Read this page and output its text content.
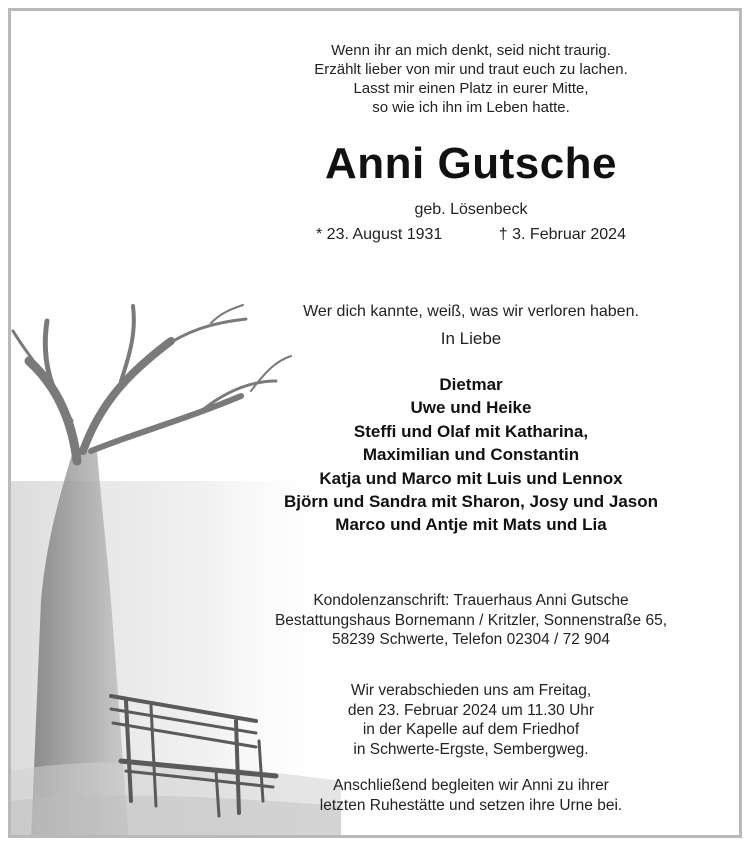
Wenn ihr an mich denkt, seid nicht traurig.
Erzählt lieber von mir und traut euch zu lachen.
Lasst mir einen Platz in eurer Mitte,
so wie ich ihn im Leben hatte.
Anni Gutsche
geb. Lösenbeck
* 23. August 1931	† 3. Februar 2024
Wer dich kannte, weiß, was wir verloren haben.
In Liebe
Dietmar
Uwe und Heike
Steffi und Olaf mit Katharina,
Maximilian und Constantin
Katja und Marco mit Luis und Lennox
Björn und Sandra mit Sharon, Josy und Jason
Marco und Antje mit Mats und Lia
Kondolenzanschrift: Trauerhaus Anni Gutsche
Bestattungshaus Bornemann / Kritzler, Sonnenstraße 65,
58239 Schwerte, Telefon 02304 / 72 904
Wir verabschieden uns am Freitag,
den 23. Februar 2024 um 11.30 Uhr
in der Kapelle auf dem Friedhof
in Schwerte-Ergste, Sembergweg.
Anschließend begleiten wir Anni zu ihrer
letzten Ruhestätte und setzen ihre Urne bei.
